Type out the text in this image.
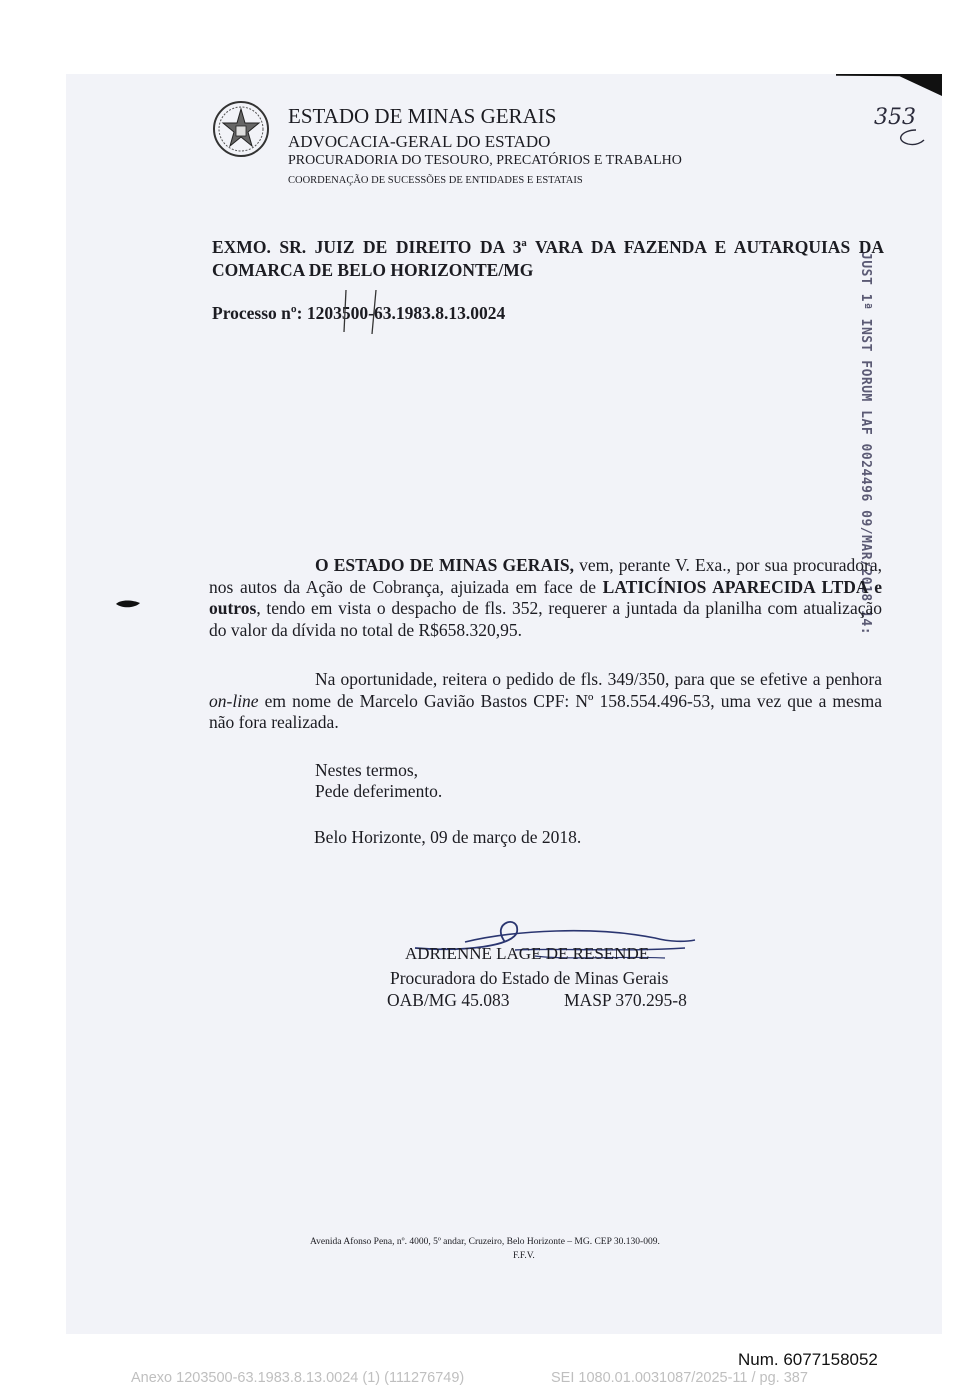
ESTADO DE MINAS GERAIS
ADVOCACIA-GERAL DO ESTADO
PROCURADORIA DO TESOURO, PRECATÓRIOS E TRABALHO
COORDENAÇÃO DE SUCESSÕES DE ENTIDADES E ESTATAIS
353
EXMO. SR. JUIZ DE DIREITO DA 3ª VARA DA FAZENDA E AUTARQUIAS DA COMARCA DE BELO HORIZONTE/MG
Processo nº: 1203500-63.1983.8.13.0024	JUST 1ª INST FORUM LAF 0024496 09/MAR/2018 14:
O ESTADO DE MINAS GERAIS, vem, perante V. Exa., por sua procuradora, nos autos da Ação de Cobrança, ajuizada em face de LATICÍNIOS APARECIDA LTDA e outros, tendo em vista o despacho de fls. 352, requerer a juntada da planilha com atualização do valor da dívida no total de R$658.320,95.
Na oportunidade, reitera o pedido de fls. 349/350, para que se efetive a penhora on-line em nome de Marcelo Gavião Bastos CPF: Nº 158.554.496-53, uma vez que a mesma não fora realizada.
Nestes termos,
Pede deferimento.
Belo Horizonte, 09 de março de 2018.
ADRIENNE LAGE DE RESENDE
Procuradora do Estado de Minas Gerais
OAB/MG 45.083	MASP 370.295-8
Avenida Afonso Pena, nº. 4000, 5º andar, Cruzeiro, Belo Horizonte – MG. CEP 30.130-009.
F.F.V.
Num. 6077158052
Anexo 1203500-63.1983.8.13.0024 (1) (111276749)	SEI 1080.01.0031087/2025-11 / pg. 387
